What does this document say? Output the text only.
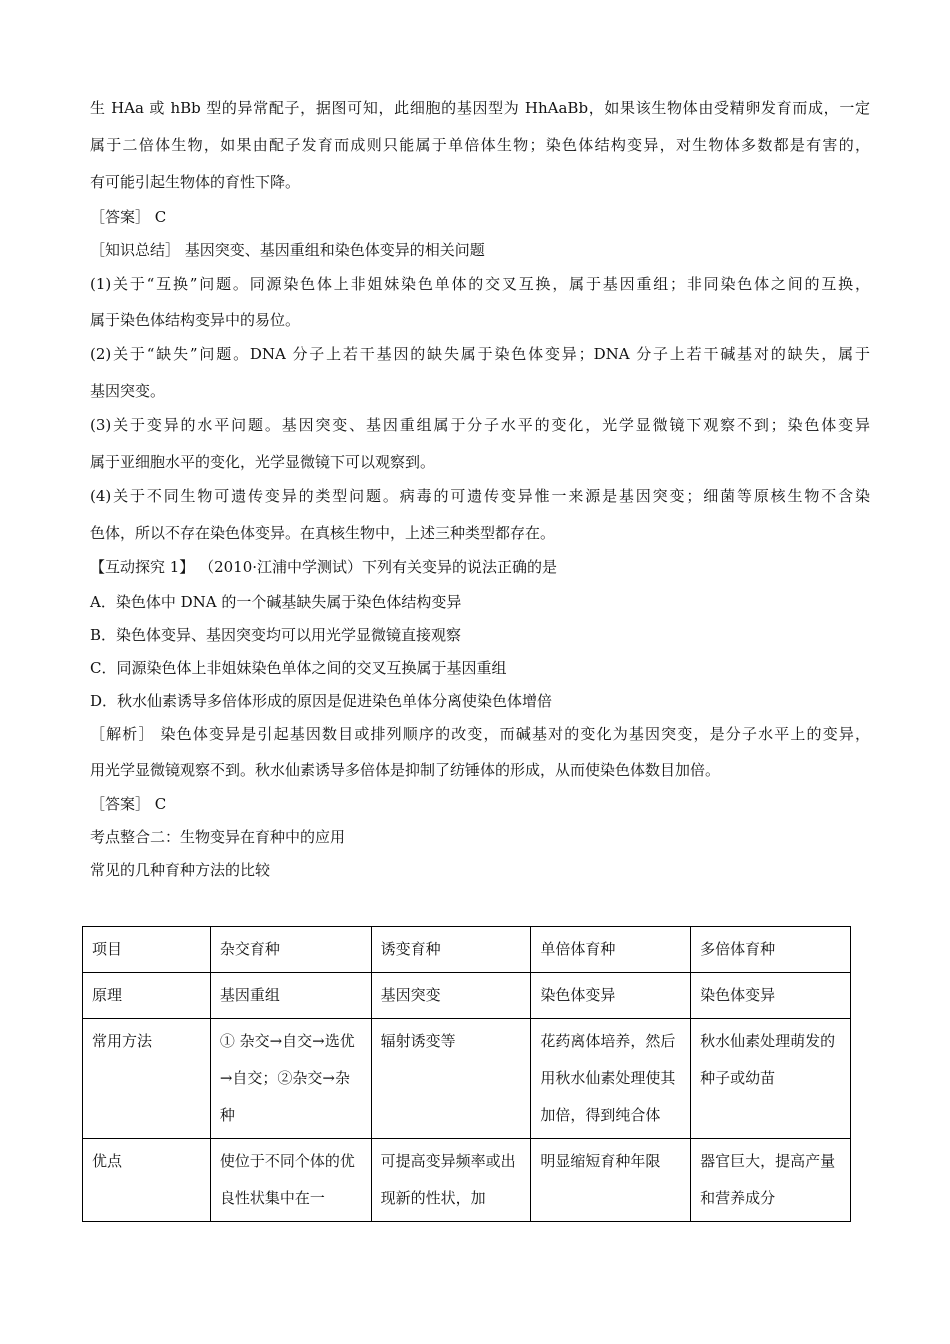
生 HAa 或 hBb 型的异常配子，据图可知，此细胞的基因型为 HhAaBb，如果该生物体由受精卵发育而成，一定

属于二倍体生物，如果由配子发育而成则只能属于单倍体生物；染色体结构变异，对生物体多数都是有害的，

有可能引起生物体的育性下降。

［答案］ C

［知识总结］ 基因突变、基因重组和染色体变异的相关问题

(1)关于“互换”问题。同源染色体上非姐妹染色单体的交叉互换，属于基因重组；非同染色体之间的互换，

属于染色体结构变异中的易位。

(2)关于“缺失”问题。DNA 分子上若干基因的缺失属于染色体变异；DNA 分子上若干碱基对的缺失，属于

基因突变。

(3)关于变异的水平问题。基因突变、基因重组属于分子水平的变化，光学显微镜下观察不到；染色体变异

属于亚细胞水平的变化，光学显微镜下可以观察到。

(4)关于不同生物可遗传变异的类型问题。病毒的可遗传变异惟一来源是基因突变；细菌等原核生物不含染

色体，所以不存在染色体变异。在真核生物中，上述三种类型都存在。

【互动探究 1】 （2010·江浦中学测试）下列有关变异的说法正确的是

A．染色体中 DNA 的一个碱基缺失属于染色体结构变异

B．染色体变异、基因突变均可以用光学显微镜直接观察

C．同源染色体上非姐妹染色单体之间的交叉互换属于基因重组

D．秋水仙素诱导多倍体形成的原因是促进染色单体分离使染色体增倍

［解析］ 染色体变异是引起基因数目或排列顺序的改变，而碱基对的变化为基因突变，是分子水平上的变异，

用光学显微镜观察不到。秋水仙素诱导多倍体是抑制了纺锤体的形成，从而使染色体数目加倍。

［答案］ C

考点整合二：生物变异在育种中的应用

常见的几种育种方法的比较

项目	杂交育种	诱变育种	单倍体育种	多倍体育种
原理	基因重组	基因突变	染色体变异	染色体变异
常用方法	① 杂交→自交→选优→自交；②杂交→杂种	辐射诱变等	花药离体培养，然后用秋水仙素处理使其加倍，得到纯合体	秋水仙素处理萌发的种子或幼苗
优点	使位于不同个体的优良性状集中在一	可提高变异频率或出现新的性状，加	明显缩短育种年限	器官巨大，提高产量和营养成分
